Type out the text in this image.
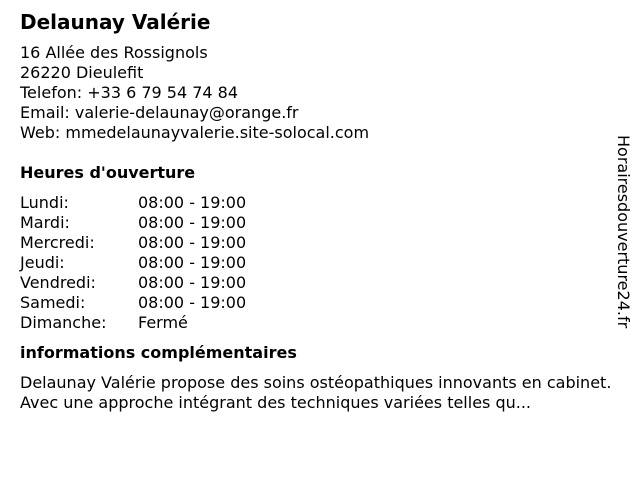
Delaunay Valérie
16 Allée des Rossignols
26220 Dieulefit
Telefon: +33 6 79 54 74 84
Email: valerie-delaunay@orange.fr
Web: mmedelaunayvalerie.site-solocal.com
Heures d'ouverture
Lundi:	08:00 - 19:00
Mardi:	08:00 - 19:00
Mercredi:	08:00 - 19:00
Jeudi:	08:00 - 19:00
Vendredi:	08:00 - 19:00
Samedi:	08:00 - 19:00
Dimanche:	Fermé
informations complémentaires
Delaunay Valérie propose des soins ostéopathiques innovants en cabinet. Avec une approche intégrant des techniques variées telles qu...
Horairesdouverture24.fr
